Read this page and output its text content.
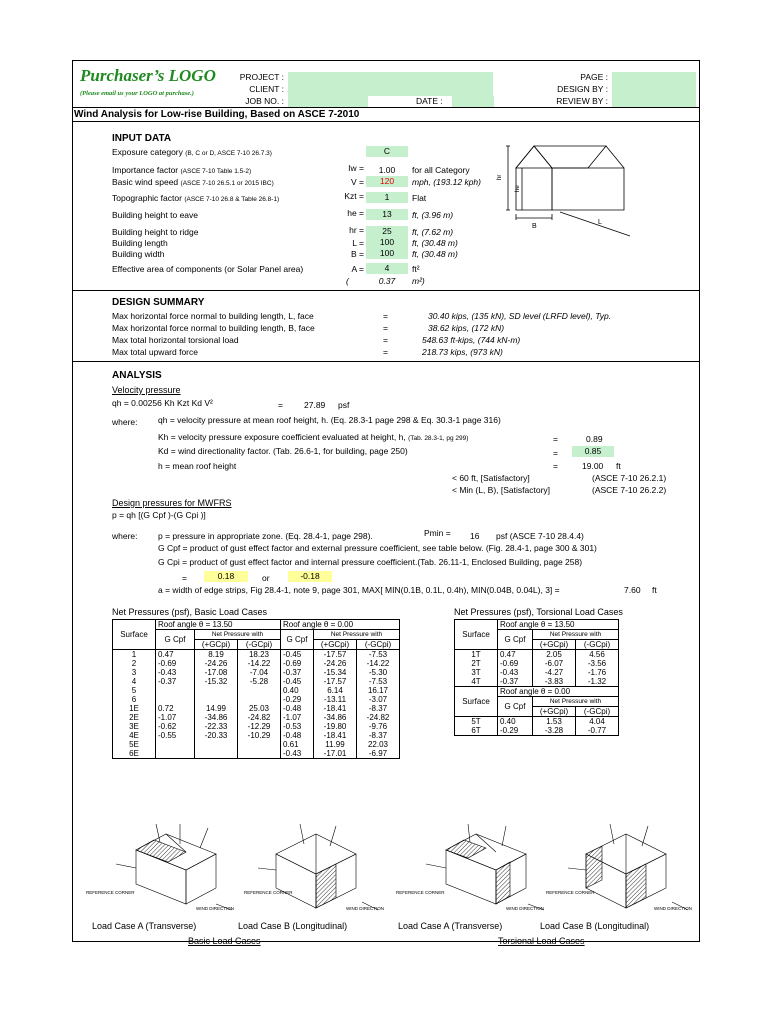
Purchaser’s LOGO
(Please email us your LOGO at purchase.)
PROJECT :
CLIENT :
JOB NO. :	DATE :
PAGE :
DESIGN BY :
REVIEW BY :
Wind Analysis for Low-rise Building, Based on ASCE 7-2010
INPUT DATA
Exposure category (B, C or D, ASCE 7-10 26.7.3)	C
Importance factor (ASCE 7-10 Table 1.5-2)	Iw =	1.00	for all Category
Basic wind speed (ASCE 7-10 26.5.1 or 2015 IBC)	V =	120	mph, (193.12 kph)
Topographic factor (ASCE 7-10 26.8 & Table 26.8-1)	Kzt =	1	Flat
Building height to eave	he =	13	ft, (3.96 m)
Building height to ridge	hr =	25	ft, (7.62 m)
Building length	L =	100	ft, (30.48 m)
Building width	B =	100	ft, (30.48 m)
Effective area of components (or Solar Panel area)	A =	4	ft²
(	0.37	m²)
hr
he
B
L
DESIGN SUMMARY
Max horizontal force normal to building length, L, face	=	30.40 kips, (135 kN), SD level (LRFD level), Typ.
Max horizontal force normal to building length, B, face	=	38.62 kips, (172 kN)
Max total horizontal torsional load	=	548.63 ft-kips, (744 kN-m)
Max total upward force	=	218.73 kips, (973 kN)
ANALYSIS
Velocity pressure
qh = 0.00256 Kh Kzt Kd V²	= 27.89 psf
where: qh = velocity pressure at mean roof height, h. (Eq. 28.3-1 page 298 & Eq. 30.3-1 page 316)
Kh = velocity pressure exposure coefficient evaluated at height, h, (Tab. 28.3-1, pg 299)	=	0.89
Kd = wind directionality factor. (Tab. 26.6-1, for building, page 250)	=	0.85
h = mean roof height	=	19.00 ft
< 60 ft, [Satisfactory]	(ASCE 7-10 26.2.1)
< Min (L, B), [Satisfactory]	(ASCE 7-10 26.2.2)
Design pressures for MWFRS
p = qh [(G Cpf )-(G Cpi )]
where: p = pressure in appropriate zone. (Eq. 28.4-1, page 298).	Pmin = 16 psf (ASCE 7-10 28.4.4)
G Cpf = product of gust effect factor and external pressure coefficient, see table below. (Fig. 28.4-1, page 300 & 301)
G Cpi = product of gust effect factor and internal pressure coefficient.(Tab. 26.11-1, Enclosed Building, page 258)
=	0.18	or	-0.18
a = width of edge strips, Fig 28.4-1, note 9, page 301, MAX[ MIN(0.1B, 0.1L, 0.4h), MIN(0.04B, 0.04L), 3] =	7.60 ft
Net Pressures (psf), Basic Load Cases
Surface	Roof angle θ = 13.50			Roof angle θ = 0.00		
	G Cpf	Net Pressure with		G Cpf	Net Pressure with	
		(+GCpi)	(-GCpi)		(+GCpi)	(-GCpi)
1	0.47	8.19	18.23	-0.45	-17.57	-7.53
2	-0.69	-24.26	-14.22	-0.69	-24.26	-14.22
3	-0.43	-17.08	-7.04	-0.37	-15.34	-5.30
4	-0.37	-15.32	-5.28	-0.45	-17.57	-7.53
5				0.40	6.14	16.17
6				-0.29	-13.11	-3.07
1E	0.72	14.99	25.03	-0.48	-18.41	-8.37
2E	-1.07	-34.86	-24.82	-1.07	-34.86	-24.82
3E	-0.62	-22.33	-12.29	-0.53	-19.80	-9.76
4E	-0.55	-20.33	-10.29	-0.48	-18.41	-8.37
5E				0.61	11.99	22.03
6E				-0.43	-17.01	-6.97
Net Pressures (psf), Torsional Load Cases
Surface	Roof angle θ = 13.50		
	G Cpf	Net Pressure with	
		(+GCpi)	(-GCpi)
1T	0.47	2.05	4.56
2T	-0.69	-6.07	-3.56
3T	-0.43	-4.27	-1.76
4T	-0.37	-3.83	-1.32
Surface	Roof angle θ = 0.00		
	G Cpf	Net Pressure with	
		(+GCpi)	(-GCpi)
5T	0.40	1.53	4.04
6T	-0.29	-3.28	-0.77
REFERENCE CORNER
WIND DIRECTION
REFERENCE CORNER
WIND DIRECTION
REFERENCE CORNER
WIND DIRECTION
REFERENCE CORNER
WIND DIRECTION
Load Case A (Transverse)	Load Case B (Longitudinal)	Load Case A (Transverse)	Load Case B (Longitudinal)
Basic Load Cases	Torsional Load Cases
